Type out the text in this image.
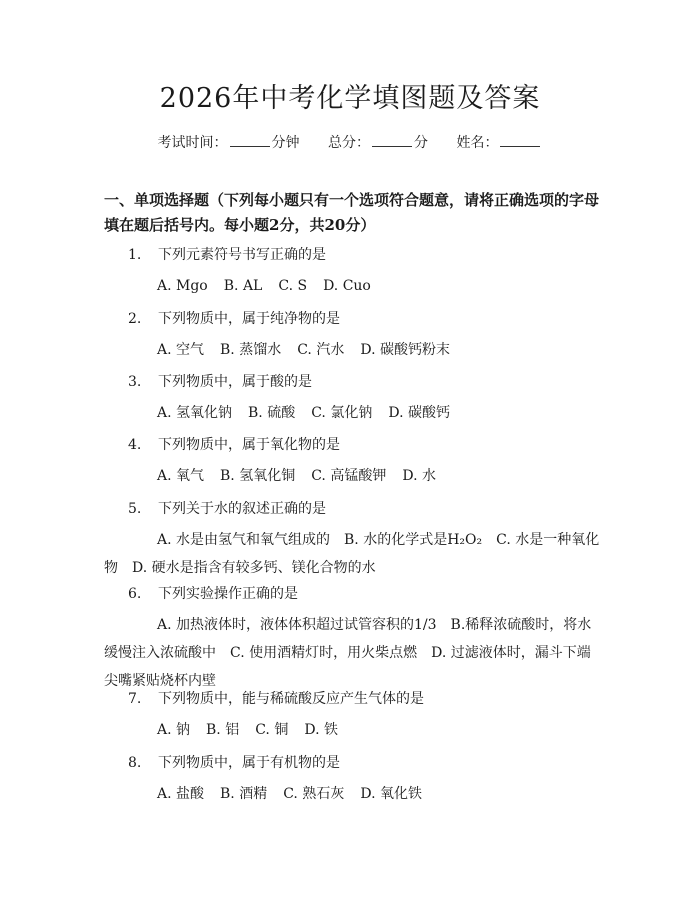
2026年中考化学填图题及答案
考试时间：	分钟 总分：	分 姓名：
一、单项选择题（下列每小题只有一个选项符合题意，请将正确选项的字母填在题后括号内。每小题2分，共20分）
1. 下列元素符号书写正确的是
A. Mgo B. AL C. S D. Cuo
2. 下列物质中，属于纯净物的是
A. 空气 B. 蒸馏水 C. 汽水 D. 碳酸钙粉末
3. 下列物质中，属于酸的是
A. 氢氧化钠 B. 硫酸 C. 氯化钠 D. 碳酸钙
4. 下列物质中，属于氧化物的是
A. 氧气 B. 氢氧化铜 C. 高锰酸钾 D. 水
5. 下列关于水的叙述正确的是
A. 水是由氢气和氧气组成的 B. 水的化学式是H₂O₂ C. 水是一种氧化物 D. 硬水是指含有较多钙、镁化合物的水
6. 下列实验操作正确的是
A. 加热液体时，液体体积超过试管容积的1/3 B.稀释浓硫酸时，将水缓慢注入浓硫酸中 C. 使用酒精灯时，用火柴点燃 D. 过滤液体时，漏斗下端尖嘴紧贴烧杯内壁
7. 下列物质中，能与稀硫酸反应产生气体的是
A. 钠 B. 铝 C. 铜 D. 铁
8. 下列物质中，属于有机物的是
A. 盐酸 B. 酒精 C. 熟石灰 D. 氧化铁
